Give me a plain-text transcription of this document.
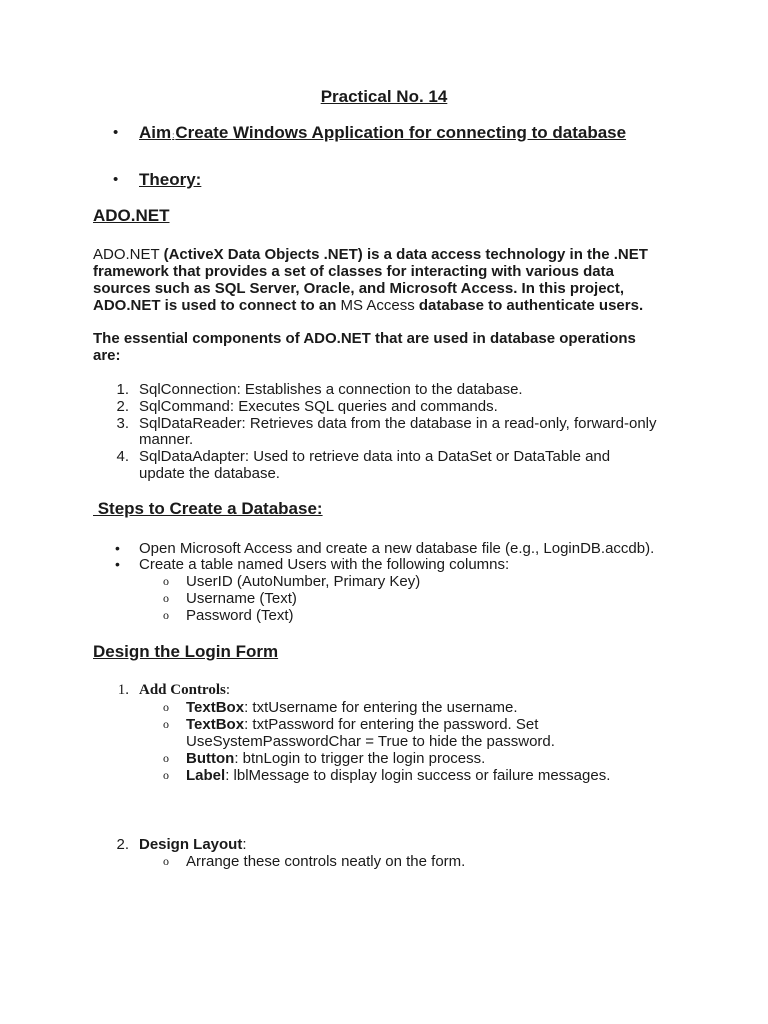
Practical No. 14
• Aim:Create Windows Application for connecting to database
• Theory:
ADO.NET
ADO.NET (ActiveX Data Objects .NET) is a data access technology in the .NET
framework that provides a set of classes for interacting with various data
sources such as SQL Server, Oracle, and Microsoft Access. In this project,
ADO.NET is used to connect to an MS Access database to authenticate users.
The essential components of ADO.NET that are used in database operations
are:
1. SqlConnection: Establishes a connection to the database.
2. SqlCommand: Executes SQL queries and commands.
3. SqlDataReader: Retrieves data from the database in a read-only, forward-only
manner.
4. SqlDataAdapter: Used to retrieve data into a DataSet or DataTable and
update the database.
Steps to Create a Database:
• Open Microsoft Access and create a new database file (e.g., LoginDB.accdb).
• Create a table named Users with the following columns:
o UserID (AutoNumber, Primary Key)
o Username (Text)
o Password (Text)
Design the Login Form
1. Add Controls:
o TextBox: txtUsername for entering the username.
o TextBox: txtPassword for entering the password. Set
UseSystemPasswordChar = True to hide the password.
o Button: btnLogin to trigger the login process.
o Label: lblMessage to display login success or failure messages.
2. Design Layout:
o Arrange these controls neatly on the form.
